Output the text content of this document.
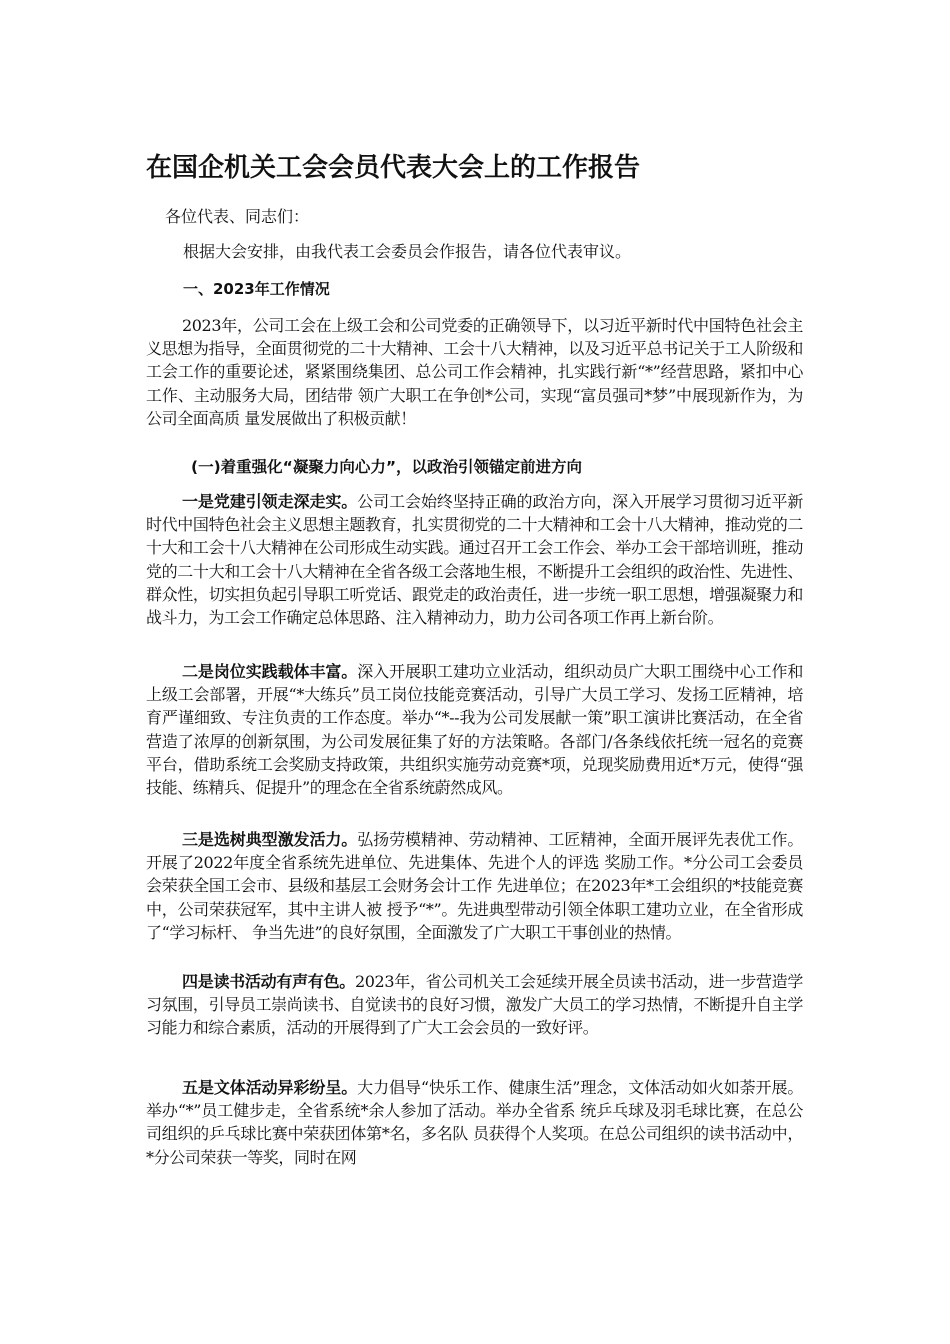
在国企机关工会会员代表大会上的工作报告
各位代表、同志们：
根据大会安排，由我代表工会委员会作报告，请各位代表审议。
一、2023年工作情况
2023年，公司工会在上级工会和公司党委的正确领导下，以习近平新时代中国特色社会主义思想为指导，全面贯彻党的二十大精神、工会十八大精神，以及习近平总书记关于工人阶级和工会工作的重要论述，紧紧围绕集团、总公司工作会精神，扎实践行新“*”经营思路，紧扣中心工作、主动服务大局，团结带 领广大职工在争创*公司，实现“富员强司*梦”中展现新作为，为公司全面高质 量发展做出了积极贡献！
(一)着重强化“凝聚力向心力”，以政治引领锚定前进方向
一是党建引领走深走实。公司工会始终坚持正确的政治方向，深入开展学习贯彻习近平新时代中国特色社会主义思想主题教育，扎实贯彻党的二十大精神和工会十八大精神，推动党的二十大和工会十八大精神在公司形成生动实践。通过召开工会工作会、举办工会干部培训班，推动党的二十大和工会十八大精神在全省各级工会落地生根，不断提升工会组织的政治性、先进性、群众性，切实担负起引导职工听党话、跟党走的政治责任，进一步统一职工思想，增强凝聚力和战斗力，为工会工作确定总体思路、注入精神动力，助力公司各项工作再上新台阶。
二是岗位实践载体丰富。深入开展职工建功立业活动，组织动员广大职工围绕中心工作和上级工会部署，开展“*大练兵”员工岗位技能竞赛活动，引导广大员工学习、发扬工匠精神，培育严谨细致、专注负责的工作态度。举办“*--我为公司发展献一策”职工演讲比赛活动，在全省营造了浓厚的创新氛围，为公司发展征集了好的方法策略。各部门/各条线依托统一冠名的竞赛平台，借助系统工会奖励支持政策，共组织实施劳动竞赛*项，兑现奖励费用近*万元，使得“强 技能、练精兵、促提升”的理念在全省系统蔚然成风。
三是选树典型激发活力。弘扬劳模精神、劳动精神、工匠精神，全面开展评先表优工作。开展了2022年度全省系统先进单位、先进集体、先进个人的评选 奖励工作。*分公司工会委员会荣获全国工会市、县级和基层工会财务会计工作 先进单位；在2023年*工会组织的*技能竞赛中，公司荣获冠军，其中主讲人被 授予“*”。先进典型带动引领全体职工建功立业，在全省形成了“学习标杆、 争当先进”的良好氛围，全面激发了广大职工干事创业的热情。
四是读书活动有声有色。2023年，省公司机关工会延续开展全员读书活动，进一步营造学习氛围，引导员工崇尚读书、自觉读书的良好习惯，激发广大员工的学习热情，不断提升自主学习能力和综合素质，活动的开展得到了广大工会会员的一致好评。
五是文体活动异彩纷呈。大力倡导“快乐工作、健康生活”理念，文体活动如火如荼开展。举办“*”员工健步走，全省系统*余人参加了活动。举办全省系 统乒乓球及羽毛球比赛，在总公司组织的乒乓球比赛中荣获团体第*名，多名队 员获得个人奖项。在总公司组织的读书活动中，*分公司荣获一等奖，同时在网
